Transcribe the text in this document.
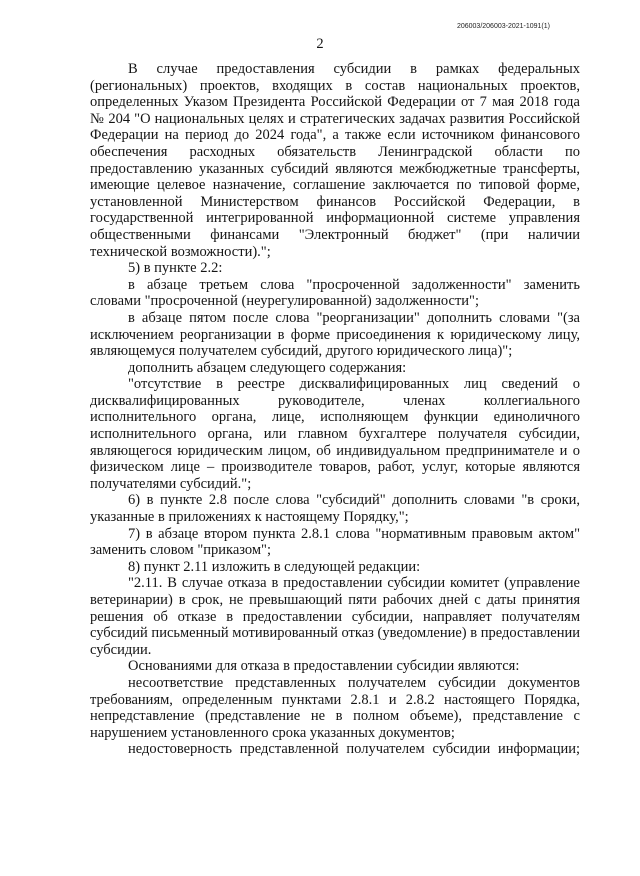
206003/206003-2021-1091(1)
2

В случае предоставления субсидии в рамках федеральных (региональных) проектов, входящих в состав национальных проектов, определенных Указом Президента Российской Федерации от 7 мая 2018 года № 204 "О национальных целях и стратегических задачах развития Российской Федерации на период до 2024 года", а также если источником финансового обеспечения расходных обязательств Ленинградской области по предоставлению указанных субсидий являются межбюджетные трансферты, имеющие целевое назначение, соглашение заключается по типовой форме, установленной Министерством финансов Российской Федерации, в государственной интегрированной информационной системе управления общественными финансами "Электронный бюджет" (при наличии технической возможности).";

5) в пункте 2.2:

в абзаце третьем слова "просроченной задолженности" заменить словами "просроченной (неурегулированной) задолженности";

в абзаце пятом после слова "реорганизации" дополнить словами "(за исключением реорганизации в форме присоединения к юридическому лицу, являющемуся получателем субсидий, другого юридического лица)";

дополнить абзацем следующего содержания:

"отсутствие в реестре дисквалифицированных лиц сведений о дисквалифицированных руководителе, членах коллегиального исполнительного органа, лице, исполняющем функции единоличного исполнительного органа, или главном бухгалтере получателя субсидии, являющегося юридическим лицом, об индивидуальном предпринимателе и о физическом лице – производителе товаров, работ, услуг, которые являются получателями субсидий.";

6) в пункте 2.8 после слова "субсидий" дополнить словами "в сроки, указанные в приложениях к настоящему Порядку,";

7) в абзаце втором пункта 2.8.1 слова "нормативным правовым актом" заменить словом "приказом";

8) пункт 2.11 изложить в следующей редакции:

"2.11. В случае отказа в предоставлении субсидии комитет (управление ветеринарии) в срок, не превышающий пяти рабочих дней с даты принятия решения об отказе в предоставлении субсидии, направляет получателям субсидий письменный мотивированный отказ (уведомление) в предоставлении субсидии.

Основаниями для отказа в предоставлении субсидии являются:

несоответствие представленных получателем субсидии документов требованиям, определенным пунктами 2.8.1 и 2.8.2 настоящего Порядка, непредставление (представление не в полном объеме), представление с нарушением установленного срока указанных документов;

недостоверность представленной получателем субсидии информации;
